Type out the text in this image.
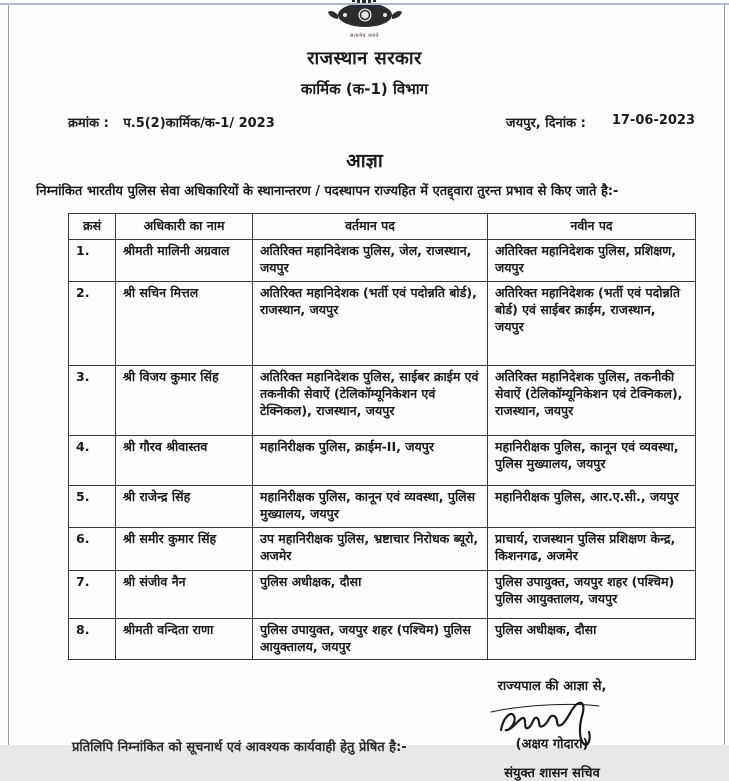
सत्यमेव जयते
राजस्थान सरकार
कार्मिक (क-1) विभाग
क्रमांक : प.5(2)कार्मिक/क-1/ 2023	जयपुर, दिनांक : 17-06-2023
आज्ञा
निम्नांकित भारतीय पुलिस सेवा अधिकारियों के स्थानान्तरण / पदस्थापन राज्यहित में एतद्द्वारा तुरन्त प्रभाव से किए जाते है:-
क्रसं	अधिकारी का नाम	वर्तमान पद	नवीन पद
1.	श्रीमती मालिनी अग्रवाल	अतिरिक्त महानिदेशक पुलिस, जेल, राजस्थान, जयपुर	अतिरिक्त महानिदेशक पुलिस, प्रशिक्षण, जयपुर
2.	श्री सचिन मित्तल	अतिरिक्त महानिदेशक (भर्ती एवं पदोन्नति बोर्ड), राजस्थान, जयपुर	अतिरिक्त महानिदेशक (भर्ती एवं पदोन्नति बोर्ड) एवं साईबर क्राईम, राजस्थान, जयपुर
3.	श्री विजय कुमार सिंह	अतिरिक्त महानिदेशक पुलिस, साईबर क्राईम एवं तकनीकी सेवाऐं (टेलिकॉम्यूनिकेशन एवं टेक्निकल), राजस्थान, जयपुर	अतिरिक्त महानिदेशक पुलिस, तकनीकी सेवाऐं (टेलिकॉम्यूनिकेशन एवं टेक्निकल), राजस्थान, जयपुर
4.	श्री गौरव श्रीवास्तव	महानिरीक्षक पुलिस, क्राईम-II, जयपुर	महानिरीक्षक पुलिस, कानून एवं व्यवस्था, पुलिस मुख्यालय, जयपुर
5.	श्री राजेन्द्र सिंह	महानिरीक्षक पुलिस, कानून एवं व्यवस्था, पुलिस मुख्यालय, जयपुर	महानिरीक्षक पुलिस, आर.ए.सी., जयपुर
6.	श्री समीर कुमार सिंह	उप महानिरीक्षक पुलिस, भ्रष्टाचार निरोधक ब्यूरो, अजमेर	प्राचार्य, राजस्थान पुलिस प्रशिक्षण केन्द्र, किशनगढ, अजमेर
7.	श्री संजीव नैन	पुलिस अधीक्षक, दौसा	पुलिस उपायुक्त, जयपुर शहर (पश्चिम) पुलिस आयुक्तालय, जयपुर
8.	श्रीमती वन्दिता राणा	पुलिस उपायुक्त, जयपुर शहर (पश्चिम) पुलिस आयुक्तालय, जयपुर	पुलिस अधीक्षक, दौसा
राज्यपाल की आज्ञा से,
(अक्षय गोदारा)
संयुक्त शासन सचिव
प्रतिलिपि निम्नांकित को सूचनार्थ एवं आवश्यक कार्यवाही हेतु प्रेषित है:-
